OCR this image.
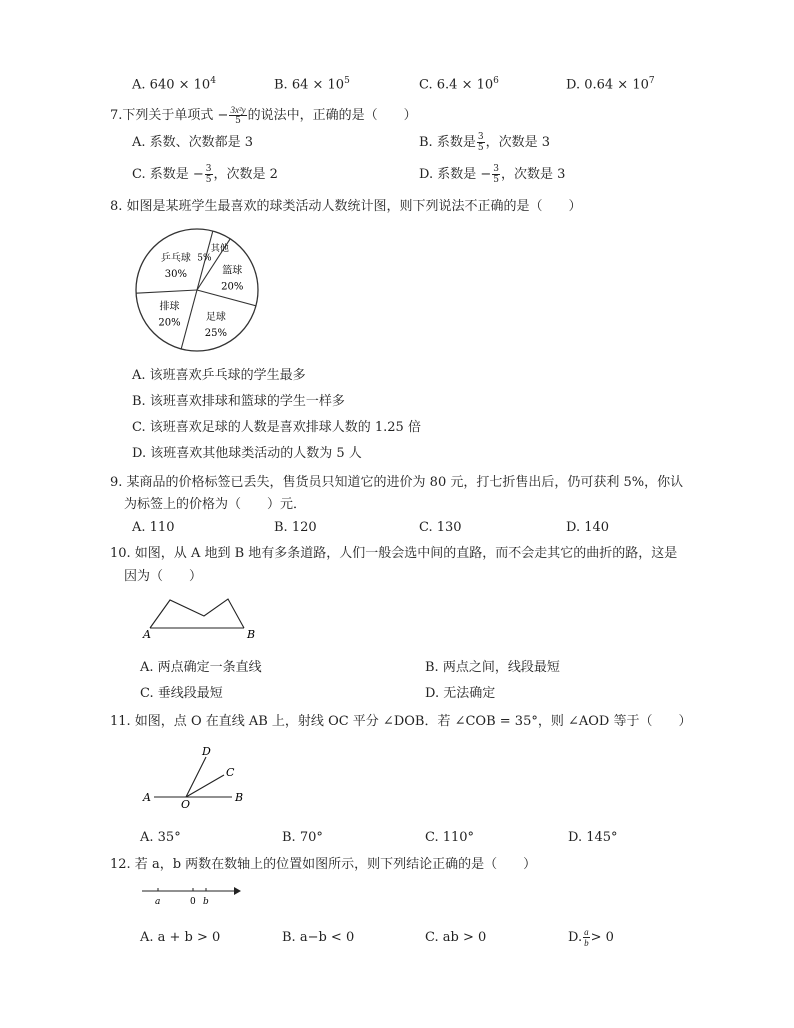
A. $640 \times 10^4$	B. $64 \times 10^5$	C. $6.4 \times 10^6$	D. $0.64 \times 10^7$
7.下列关于单项式 − $\frac{\text{3x²y}}{5}$ 的说法中，正确的是（　　）
A. 系数、次数都是 3	B. 系数是 $\frac{3}{5}$ ，次数是 3
C. 系数是 − $\frac{3}{5}$ ，次数是 2	D. 系数是 − $\frac{3}{5}$ ，次数是 3
8. 如图是某班学生最喜欢的球类活动人数统计图，则下列说法不正确的是（　　）
排球
20%
乒乓球
30%
5%
其他
篮球
20%
足球
25%
A. 该班喜欢乒乓球的学生最多
B. 该班喜欢排球和篮球的学生一样多
C. 该班喜欢足球的人数是喜欢排球人数的 1.25 倍
D. 该班喜欢其他球类活动的人数为 5 人
9. 某商品的价格标签已丢失，售货员只知道它的进价为 80 元，打七折售出后，仍可获利 5%，你认
为标签上的价格为（　　）元．
A. 110	B. 120	C. 130	D. 140
10. 如图，从 A 地到 B 地有多条道路，人们一般会选中间的直路，而不会走其它的曲折的路，这是
因为（　　）
A	B
A. 两点确定一条直线	B. 两点之间，线段最短
C. 垂线段最短	D. 无法确定
11. 如图，点 O 在直线 AB 上，射线 OC 平分 ∠DOB．若 ∠COB = 35°，则 ∠AOD 等于（　　）
A	B
O
D
C
A. 35°	B. 70°	C. 110°	D. 145°
12. 若 a，b 两数在数轴上的位置如图所示，则下列结论正确的是（　　）
a	0 b
A. a + b > 0	B. a−b < 0	C. ab > 0	D. $\frac{a}{b} > 0$
